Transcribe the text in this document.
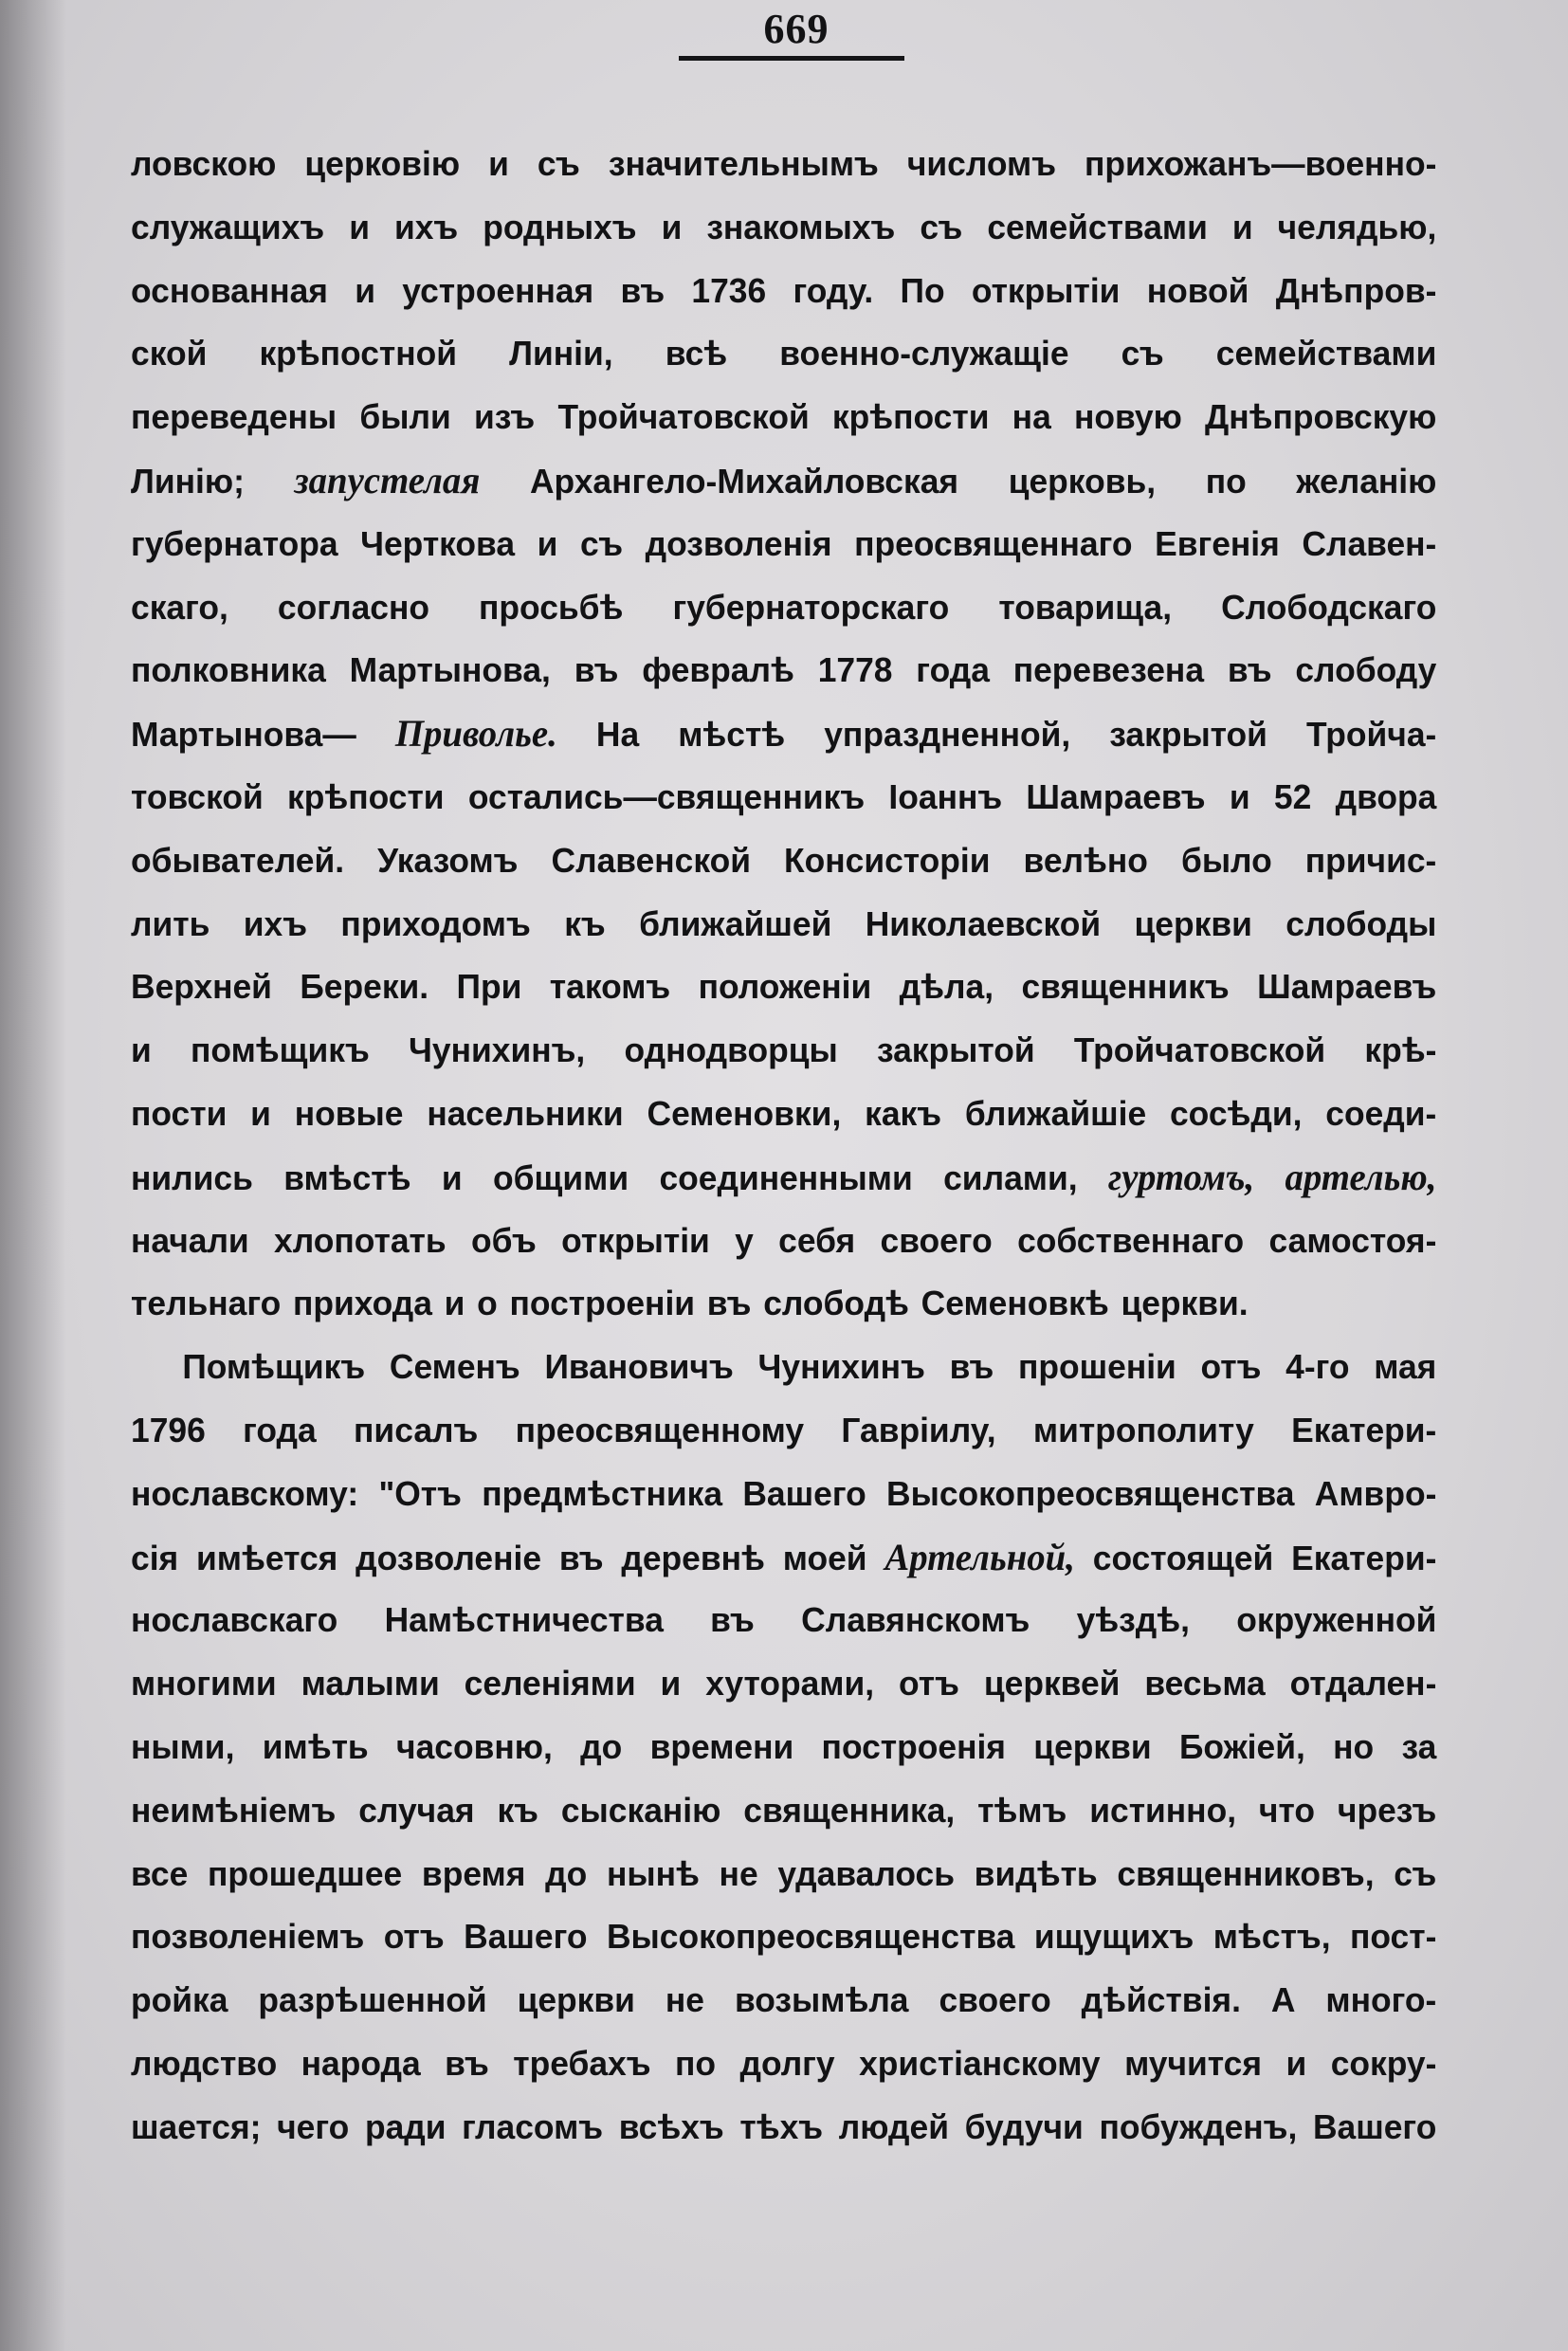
669
ловскою церковiю и съ значительнымъ числомъ прихожанъ—военно-
служащихъ и ихъ родныхъ и знакомыхъ съ семействами и челядью,
основанная и устроенная въ 1736 году. По открытiи новой Днѣпров-
ской крѣпостной Линiи, всѣ военно-служащiе съ семействами
переведены были изъ Тройчатовской крѣпости на новую Днѣпровскую
Линiю; запустелая Архангело-Михайловская церковь, по желанiю
губернатора Черткова и съ дозволенiя преосвященнаго Евгенiя Славен-
скаго, согласно просьбѣ губернаторскаго товарища, Слободскаго
полковника Мартынова, въ февралѣ 1778 года перевезена въ слободу
Мартынова— Приволье. На мѣстѣ упраздненной, закрытой Тройча-
товской крѣпости остались—священникъ Iоаннъ Шамраевъ и 52 двора
обывателей. Указомъ Славенской Консисторiи велѣно было причис-
лить ихъ приходомъ къ ближайшей Николаевской церкви слободы
Верхней Береки. При такомъ положенiи дѣла, священникъ Шамраевъ
и помѣщикъ Чунихинъ, однодворцы закрытой Тройчатовской крѣ-
пости и новые насельники Семеновки, какъ ближайшiе сосѣди, соеди-
нились вмѣстѣ и общими соединенными силами, гуртомъ, артелью,
начали хлопотать объ открытiи у себя своего собственнаго самостоя-
тельнаго прихода и о построенiи въ слободѣ Семеновкѣ церкви.
Помѣщикъ Семенъ Ивановичъ Чунихинъ въ прошенiи отъ 4-го мая
1796 года писалъ преосвященному Гаврiилу, митрополиту Екатери-
нославскому: "Отъ предмѣстника Вашего Высокопреосвященства Амвро-
сiя имѣется дозволенiе въ деревнѣ моей Артельной, состоящей Екатери-
нославскаго Намѣстничества въ Славянскомъ уѣздѣ, окруженной
многими малыми селенiями и хуторами, отъ церквей весьма отдален-
ными, имѣть часовню, до времени построенiя церкви Божiей, но за
неимѣнiемъ случая къ сысканiю священника, тѣмъ истинно, что чрезъ
все прошедшее время до нынѣ не удавалось видѣть священниковъ, съ
позволенiемъ отъ Вашего Высокопреосвященства ищущихъ мѣстъ, пост-
ройка разрѣшенной церкви не возымѣла своего дѣйствiя. А много-
людство народа въ требахъ по долгу христiанскому мучится и сокру-
шается; чего ради гласомъ всѣхъ тѣхъ людей будучи побужденъ, Вашего
